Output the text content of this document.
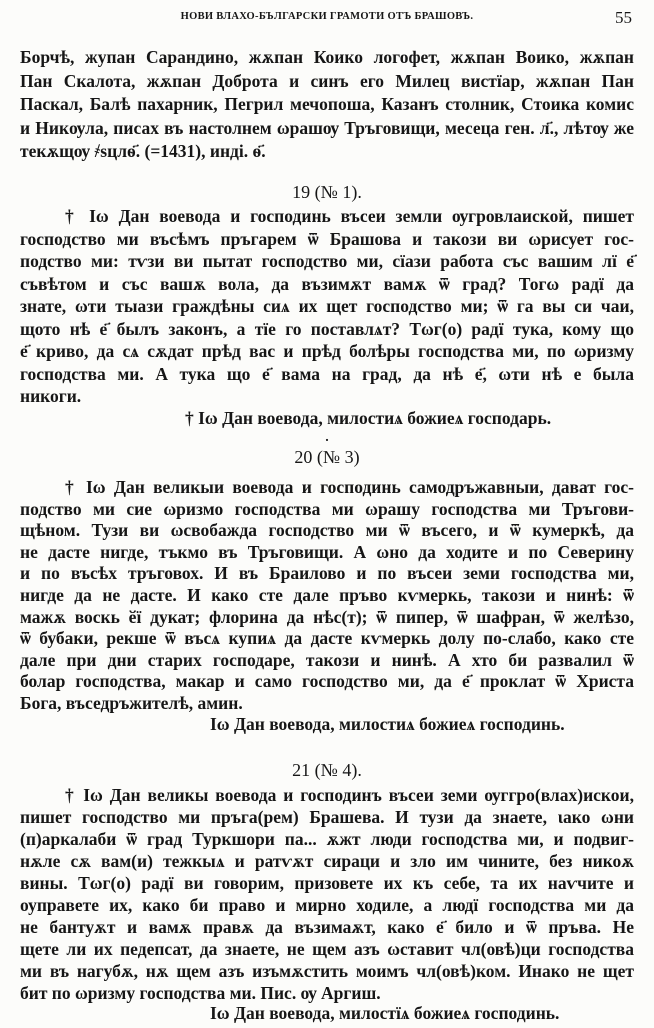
НОВИ ВЛАХО-БЪЛГАРСКИ ГРАМОТИ ОТЪ БРАШОВЪ.	55
Борчѣ, жупан Сарандино, жѫпан Коико логофет, жѫпан Воико, жѫпан
Пан Скалота, жѫпан Доброта и синъ его Милец вистїар, жѫпан Пан
Паскал, Балѣ пахарник, Пегрил мечопоша, Казанъ столник, Стоика комис
и Никѹла, писах въ настолнем ωрашѹ Тръговищи, месеца ген. л҃., лѣтѹ же
текѫщѹ ҂ѕцлѳ҃. (=1431), инді. ѳ҃.
19 (№ 1).
† Iω Дан воевода и господинь въсеи земли ѹгровлаиской, пишет
господство ми въсѣмъ пръгарем ѿ Брашова и такози ви ωрисует гос-
подство ми: тѵзи ви пытат господство ми, сїази работа със вашим лї е҃
съвѣтом и със вашѫ вола, да възимѫт вамѫ ѿ град? Тогω радї да
знате, ωти тыази граждѣны сиѧ их щет господство ми; ѿ га вы си чаи,
щото нѣ е҃ былъ законъ, а тїе го поставлѧт? Тωг(о) радї тука, кому що
е҃ криво, да сѧ сѫдат прѣд вас и прѣд болѣры господства ми, по ωризму
господства ми. А тука що е҃ вама на град, да нѣ е҃, ωти нѣ е была
никоги.
† Iω Дан воевода, милостиѧ божиеѧ господарь.
.
20 (№ 3)
† Iω Дан великыи воевода и господинь самодръжавныи, дават гос-
подство ми сие ωризмо господства ми ωрашу господства ми Тръгови-
щѣном. Тузи ви ωсвобажда господство ми ѿ въсего, и ѿ кумеркѣ, да
не дасте нигде, тъкмо въ Тръговищи. А ωно да ходите и по Северину
и по въсѣх тръговох. И въ Браилово и по въсеи земи господства ми,
нигде да не дасте. И како сте дале пръво кѵмеркь, такози и нинѣ: ѿ
мажѫ воскь ӗї дукат; флорина да нѣс(т); ѿ пипер, ѿ шафран, ѿ желѣзо,
ѿ бубаки, рекше ѿ въсѧ купиѧ да дасте кѵмеркь долу по-слабо, како сте
дале при дни старих господаре, такози и нинѣ. А хто би развалил ѿ
болар господства, макар и само господство ми, да е҃ проклат ѿ Христа
Бога, въседръжителѣ, амин.
Iω Дан воевода, милостиѧ божиеѧ господинь.
21 (№ 4).
† Iω Дан великы воевода и господинъ въсеи земи ѹггро(влах)искои,
пишет господство ми пръга(рем) Брашева. И тузи да знаете, ιако ωни
(п)аркалаби ѿ град Туркшори па... ѫжт люди господства ми, и подвиг-
нѫле сѫ вам(и) тежкыѧ и ратѵѫт сираци и зло им чините, без никоѫ
вины. Тωг(о) радї ви говорим, призовете их къ себе, та их наѵчите и
оуправете их, како би право и мирно ходиле, а людї господства ми да
не бантуѫт и вамѫ правѫ да възимаѫт, како е҃ било и ѿ пръва. Не
щете ли их педепсат, да знаете, не щем азъ ωставит чл(овѣ)ци господства
ми въ нагубѫ, нѫ щем азъ изъмѫстить моимъ чл(овѣ)ком. Инако не щет
бит по ωризму господства ми. Пис. ѹ Аргиш.
Iω Дан воевода, милостїѧ божиеѧ господинь.
